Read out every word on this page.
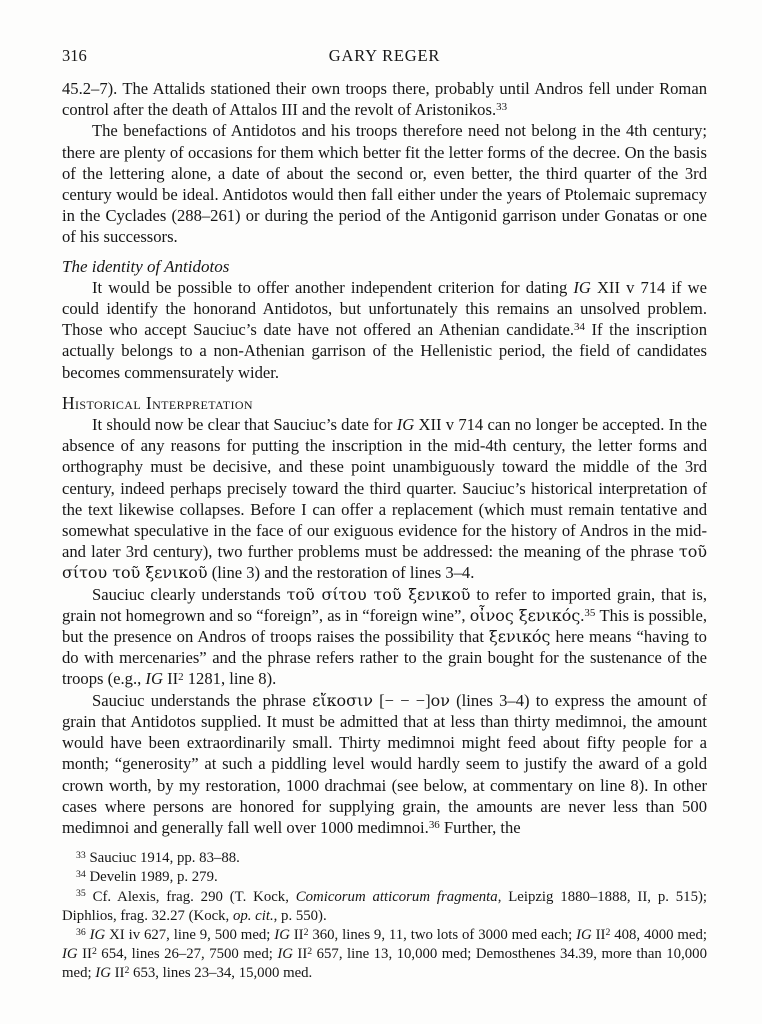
316	GARY REGER

45.2–7). The Attalids stationed their own troops there, probably until Andros fell under Roman control after the death of Attalos III and the revolt of Aristonikos.$^{33}$

The benefactions of Antidotos and his troops therefore need not belong in the 4th century; there are plenty of occasions for them which better fit the letter forms of the decree. On the basis of the lettering alone, a date of about the second or, even better, the third quarter of the 3rd century would be ideal. Antidotos would then fall either under the years of Ptolemaic supremacy in the Cyclades (288–261) or during the period of the Antigonid garrison under Gonatas or one of his successors.

The identity of Antidotos

It would be possible to offer another independent criterion for dating IG XII v 714 if we could identify the honorand Antidotos, but unfortunately this remains an unsolved problem. Those who accept Sauciuc’s date have not offered an Athenian candidate.$^{34}$ If the inscription actually belongs to a non-Athenian garrison of the Hellenistic period, the field of candidates becomes commensurately wider.

Historical Interpretation

It should now be clear that Sauciuc’s date for IG XII v 714 can no longer be accepted. In the absence of any reasons for putting the inscription in the mid-4th century, the letter forms and orthography must be decisive, and these point unambiguously toward the middle of the 3rd century, indeed perhaps precisely toward the third quarter. Sauciuc’s historical interpretation of the text likewise collapses. Before I can offer a replacement (which must remain tentative and somewhat speculative in the face of our exiguous evidence for the history of Andros in the mid- and later 3rd century), two further problems must be addressed: the meaning of the phrase τοῦ σίτου τοῦ ξενικοῦ (line 3) and the restoration of lines 3–4.

Sauciuc clearly understands τοῦ σίτου τοῦ ξενικοῦ to refer to imported grain, that is, grain not homegrown and so “foreign”, as in “foreign wine”, οἶνος ξενικός.$^{35}$ This is possible, but the presence on Andros of troops raises the possibility that ξενικός here means “having to do with mercenaries” and the phrase refers rather to the grain bought for the sustenance of the troops (e.g., IG $II^2$ 1281, line 8).

Sauciuc understands the phrase εἴκοσιν [− − −]ον (lines 3–4) to express the amount of grain that Antidotos supplied. It must be admitted that at less than thirty medimnoi, the amount would have been extraordinarily small. Thirty medimnoi might feed about fifty people for a month; “generosity” at such a piddling level would hardly seem to justify the award of a gold crown worth, by my restoration, 1000 drachmai (see below, at commentary on line 8). In other cases where persons are honored for supplying grain, the amounts are never less than 500 medimnoi and generally fall well over 1000 medimnoi.$^{36}$ Further, the

$^{33}$ Sauciuc 1914, pp. 83–88.

$^{34}$ Develin 1989, p. 279.

$^{35}$ Cf. Alexis, frag. 290 (T. Kock, Comicorum atticorum fragmenta, Leipzig 1880–1888, II, p. 515); Diphlios, frag. 32.27 (Kock, op. cit., p. 550).

$^{36}$ IG XI iv 627, line 9, 500 med; IG $II^2$ 360, lines 9, 11, two lots of 3000 med each; IG $II^2$ 408, 4000 med; IG $II^2$ 654, lines 26–27, 7500 med; IG $II^2$ 657, line 13, 10,000 med; Demosthenes 34.39, more than 10,000 med; IG $II^2$ 653, lines 23–34, 15,000 med.
